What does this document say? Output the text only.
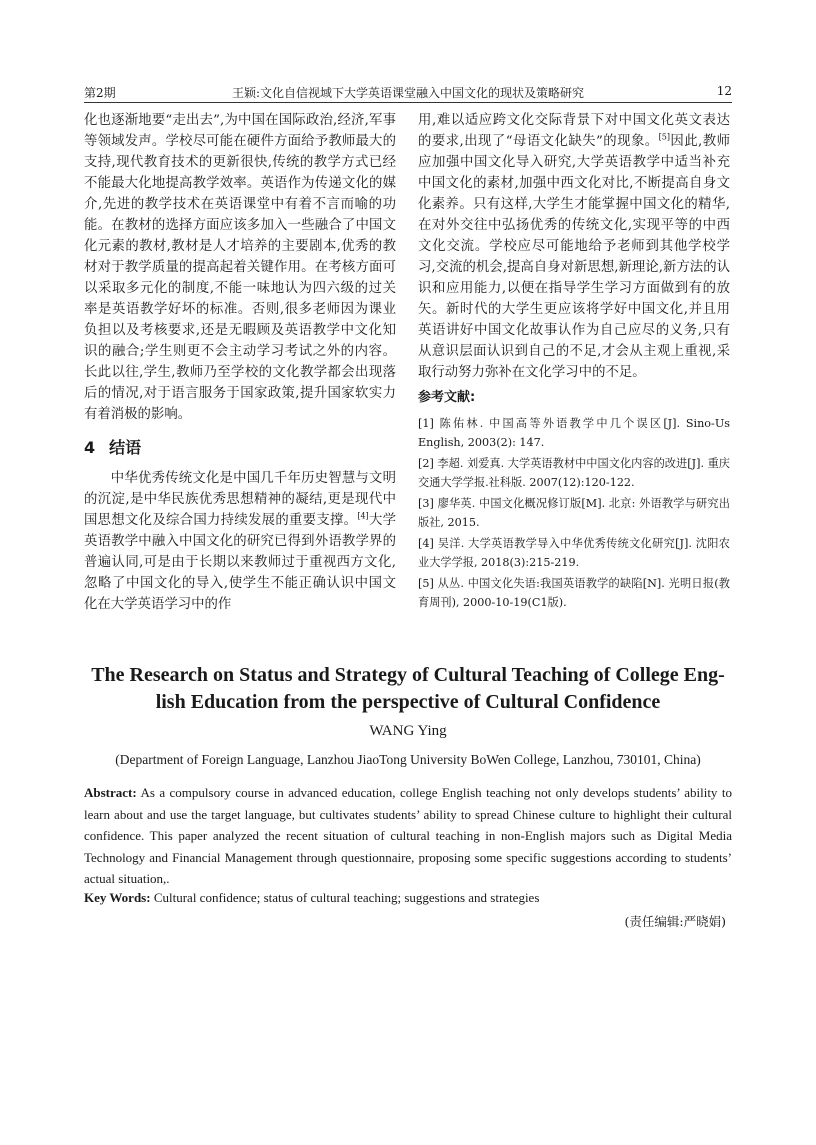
第2期	王颖:文化自信视域下大学英语课堂融入中国文化的现状及策略研究	12

化也逐渐地要“走出去”,为中国在国际政治,经济,军事等领域发声。学校尽可能在硬件方面给予教师最大的支持,现代教育技术的更新很快,传统的教学方式已经不能最大化地提高教学效率。英语作为传递文化的媒介,先进的教学技术在英语课堂中有着不言而喻的功能。在教材的选择方面应该多加入一些融合了中国文化元素的教材,教材是人才培养的主要剧本,优秀的教材对于教学质量的提高起着关键作用。在考核方面可以采取多元化的制度,不能一味地认为四六级的过关率是英语教学好坏的标准。否则,很多老师因为课业负担以及考核要求,还是无暇顾及英语教学中文化知识的融合;学生则更不会主动学习考试之外的内容。长此以往,学生,教师乃至学校的文化教学都会出现落后的情况,对于语言服务于国家政策,提升国家软实力有着消极的影响。

4 结语

中华优秀传统文化是中国几千年历史智慧与文明的沉淀,是中华民族优秀思想精神的凝结,更是现代中国思想文化及综合国力持续发展的重要支撑。[4]大学英语教学中融入中国文化的研究已得到外语教学界的普遍认同,可是由于长期以来教师过于重视西方文化,忽略了中国文化的导入,使学生不能正确认识中国文化在大学英语学习中的作

用,难以适应跨文化交际背景下对中国文化英文表达的要求,出现了“母语文化缺失”的现象。[5]因此,教师应加强中国文化导入研究,大学英语教学中适当补充中国文化的素材,加强中西文化对比,不断提高自身文化素养。只有这样,大学生才能掌握中国文化的精华,在对外交往中弘扬优秀的传统文化,实现平等的中西文化交流。学校应尽可能地给予老师到其他学校学习,交流的机会,提高自身对新思想,新理论,新方法的认识和应用能力,以便在指导学生学习方面做到有的放矢。新时代的大学生更应该将学好中国文化,并且用英语讲好中国文化故事认作为自己应尽的义务,只有从意识层面认识到自己的不足,才会从主观上重视,采取行动努力弥补在文化学习中的不足。

参考文献:
[1] 陈佑林. 中国高等外语教学中几个误区[J]. Sino-Us English, 2003(2): 147.
[2] 李超. 刘爱真. 大学英语教材中中国文化内容的改进[J]. 重庆交通大学学报.社科版. 2007(12):120-122.
[3] 廖华英. 中国文化概况修订版[M]. 北京: 外语教学与研究出版社, 2015.
[4] 吴洋. 大学英语教学导入中华优秀传统文化研究[J]. 沈阳农业大学学报, 2018(3):215-219.
[5] 从丛. 中国文化失语:我国英语教学的缺陷[N]. 光明日报(教育周刊), 2000-10-19(C1版).
The Research on Status and Strategy of Cultural Teaching of College Eng-
lish Education from the perspective of Cultural Confidence
WANG Ying
(Department of Foreign Language, Lanzhou JiaoTong University BoWen College, Lanzhou, 730101, China)
Abstract: As a compulsory course in advanced education, college English teaching not only develops students’ ability to learn about and use the target language, but cultivates students’ ability to spread Chinese culture to highlight their cultural confidence. This paper analyzed the recent situation of cultural teaching in non-English majors such as Digital Media Technology and Financial Management through questionnaire, proposing some specific suggestions according to students’ actual situation,.
Key Words: Cultural confidence; status of cultural teaching; suggestions and strategies
(责任编辑:严晓娟)
